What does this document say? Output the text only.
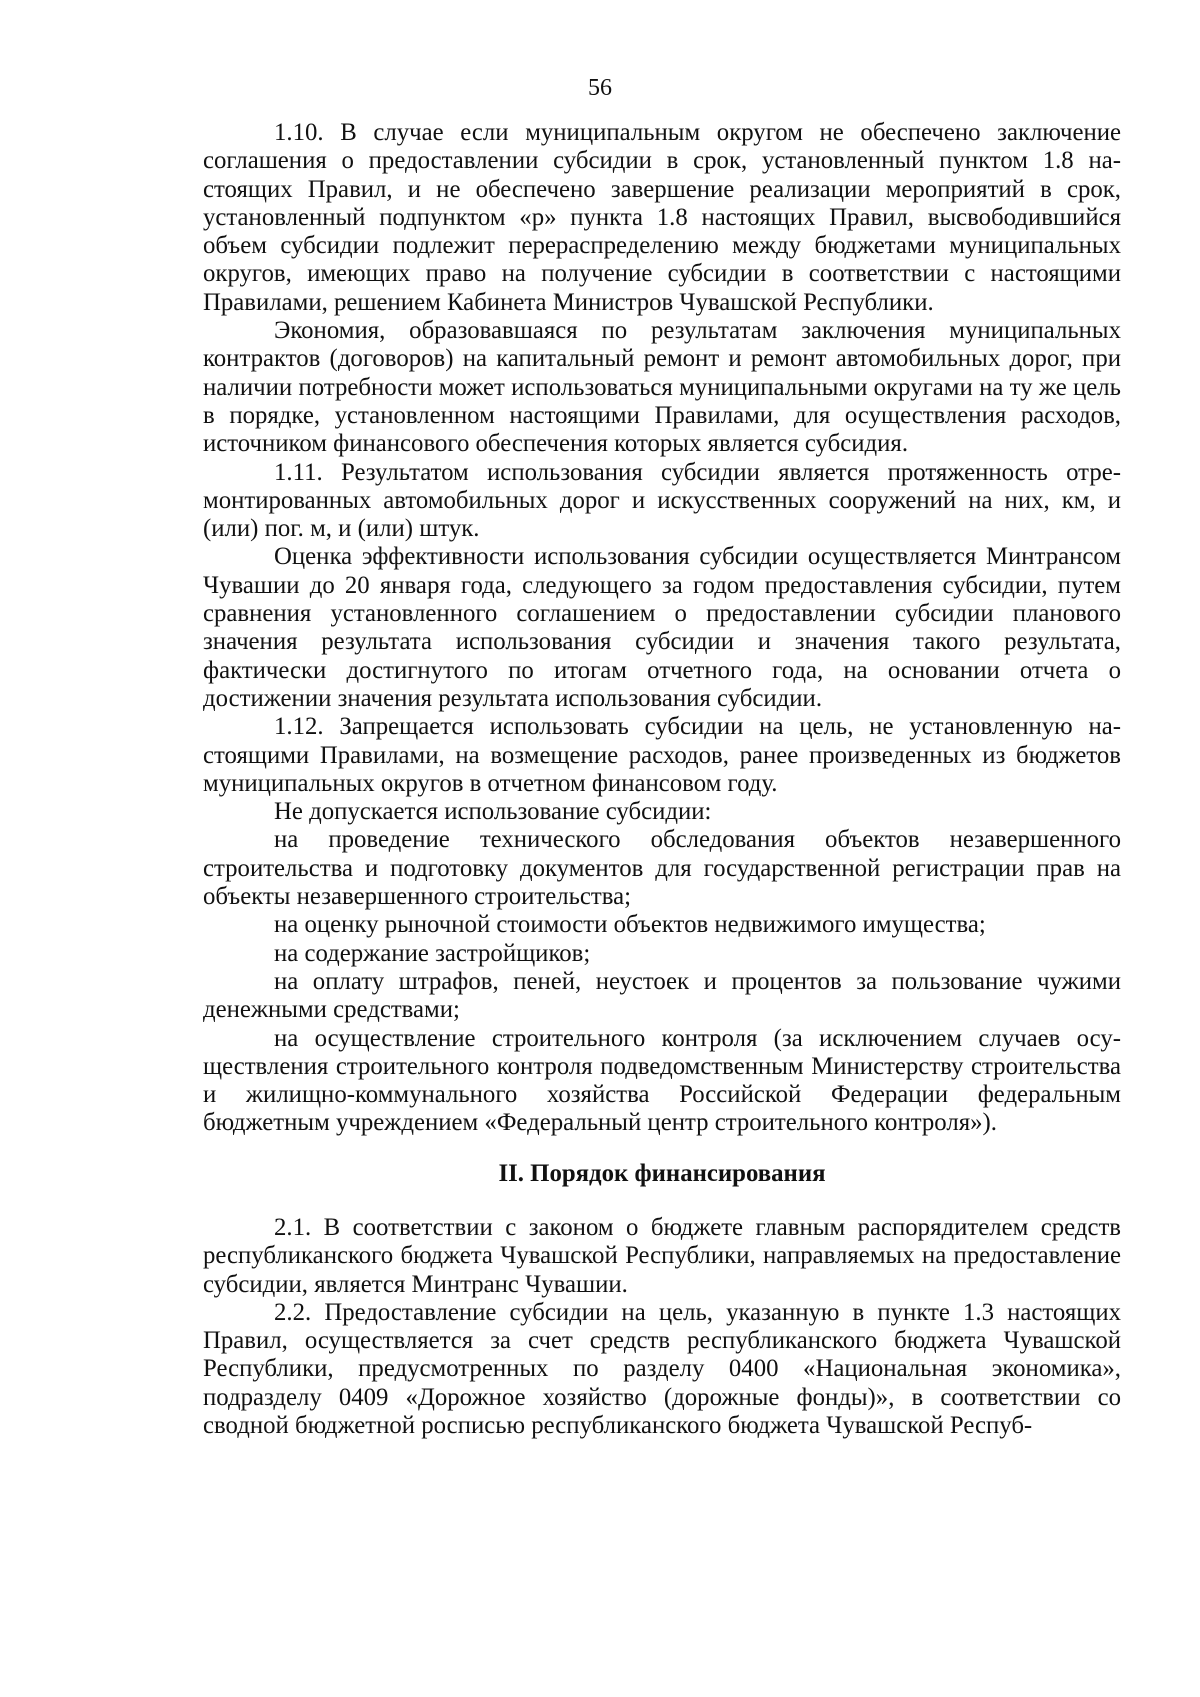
56

1.10. В случае если муниципальным округом не обеспечено заключение соглашения о предоставлении субсидии в срок, установленный пунктом 1.8 настоящих Правил, и не обеспечено завершение реализации мероприятий в срок, установленный подпунктом «р» пункта 1.8 настоящих Правил, высвободившийся объем субсидии подлежит перераспределению между бюджетами муниципальных округов, имеющих право на получение субсидии в соответствии с настоящими Правилами, решением Кабинета Министров Чувашской Республики.

Экономия, образовавшаяся по результатам заключения муниципальных контрактов (договоров) на капитальный ремонт и ремонт автомобильных дорог, при наличии потребности может использоваться муниципальными округами на ту же цель в порядке, установленном настоящими Правилами, для осуществления расходов, источником финансового обеспечения которых является субсидия.

1.11. Результатом использования субсидии является протяженность отремонтированных автомобильных дорог и искусственных сооружений на них, км, и (или) пог. м, и (или) штук.

Оценка эффективности использования субсидии осуществляется Минтрансом Чувашии до 20 января года, следующего за годом предоставления субсидии, путем сравнения установленного соглашением о предоставлении субсидии планового значения результата использования субсидии и значения такого результата, фактически достигнутого по итогам отчетного года, на основании отчета о достижении значения результата использования субсидии.

1.12. Запрещается использовать субсидии на цель, не установленную настоящими Правилами, на возмещение расходов, ранее произведенных из бюджетов муниципальных округов в отчетном финансовом году.

Не допускается использование субсидии:

на проведение технического обследования объектов незавершенного строительства и подготовку документов для государственной регистрации прав на объекты незавершенного строительства;

на оценку рыночной стоимости объектов недвижимого имущества;

на содержание застройщиков;

на оплату штрафов, пеней, неустоек и процентов за пользование чужими денежными средствами;

на осуществление строительного контроля (за исключением случаев осуществления строительного контроля подведомственным Министерству строительства и жилищно-коммунального хозяйства Российской Федерации федеральным бюджетным учреждением «Федеральный центр строительного контроля»).

II. Порядок финансирования

2.1. В соответствии с законом о бюджете главным распорядителем средств республиканского бюджета Чувашской Республики, направляемых на предоставление субсидии, является Минтранс Чувашии.

2.2. Предоставление субсидии на цель, указанную в пункте 1.3 настоящих Правил, осуществляется за счет средств республиканского бюджета Чувашской Республики, предусмотренных по разделу 0400 «Национальная экономика», подразделу 0409 «Дорожное хозяйство (дорожные фонды)», в соответствии со сводной бюджетной росписью республиканского бюджета Чувашской Респуб-
